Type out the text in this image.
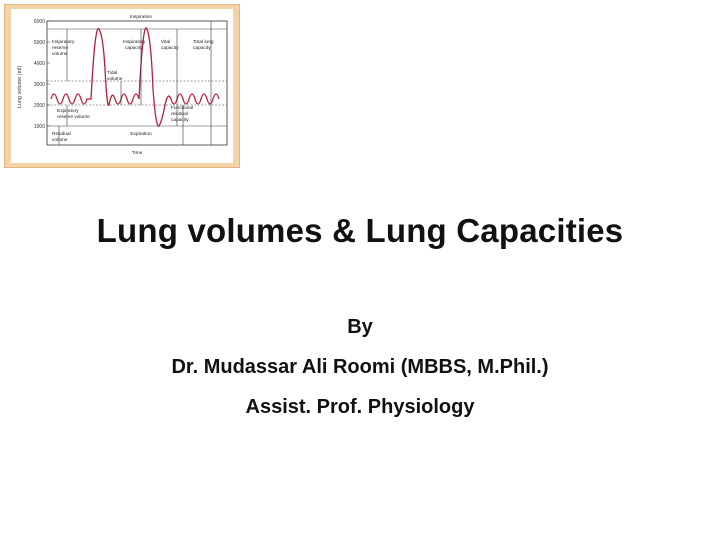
Lung volume (ml)
6000
5000
4000
3000
2000
1000
Inspiration
Expiration
Time
Inspiratory
reserve
volume
Inspiratory
capacity
Vital
capacity
Total lung
capacity
Tidal
volume
Expiratory
reserve volume
Functional
residual
capacity
Residual
volume
Lung volumes & Lung Capacities
By
Dr. Mudassar Ali Roomi (MBBS, M.Phil.)
Assist. Prof. Physiology
